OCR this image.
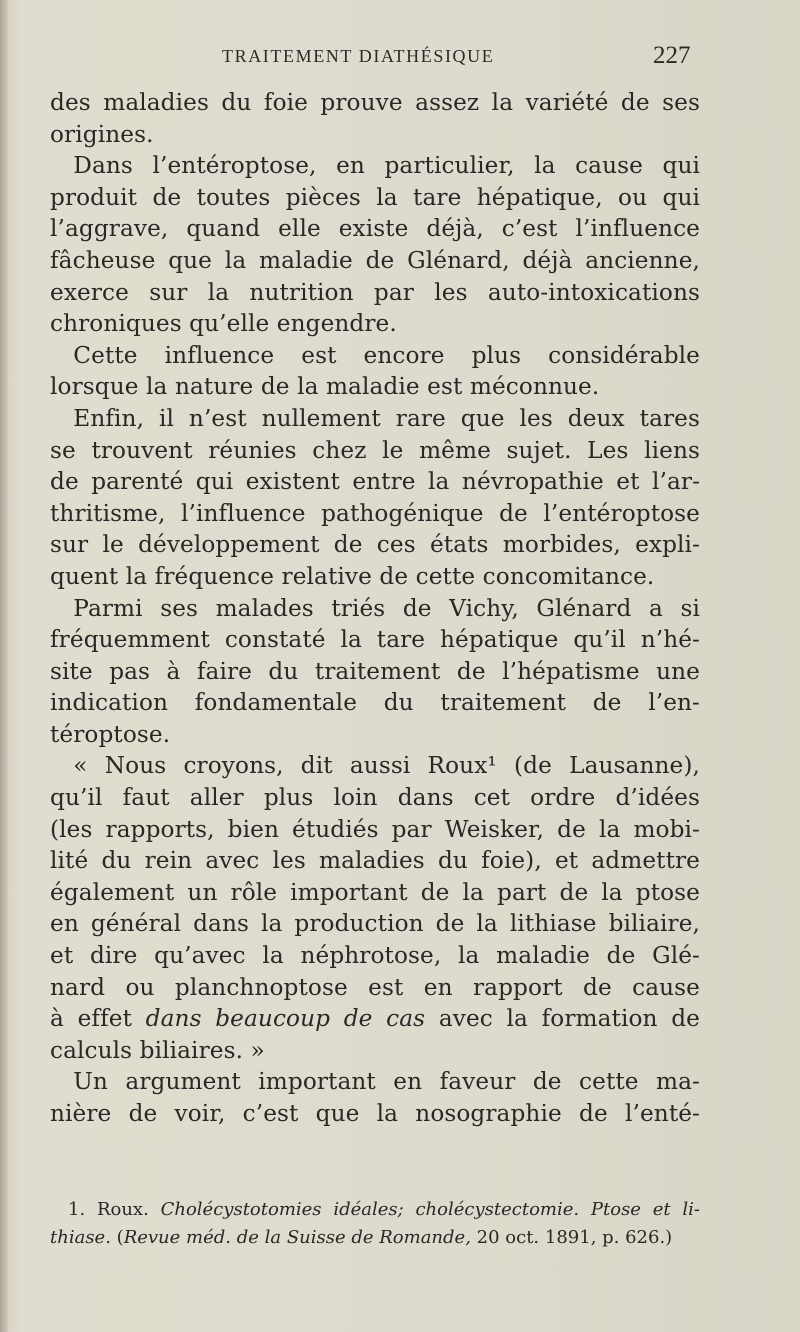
TRAITEMENT DIATHÉSIQUE	227
des maladies du foie prouve assez la variété de ses
origines.
 Dans l’entéroptose, en particulier, la cause qui
produit de toutes pièces la tare hépatique, ou qui
l’aggrave, quand elle existe déjà, c’est l’influence
fâcheuse que la maladie de Glénard, déjà ancienne,
exerce sur la nutrition par les auto-intoxications
chroniques qu’elle engendre.
 Cette influence est encore plus considérable
lorsque la nature de la maladie est méconnue.
 Enfin, il n’est nullement rare que les deux tares
se trouvent réunies chez le même sujet. Les liens
de parenté qui existent entre la névropathie et l’ar-
thritisme, l’influence pathogénique de l’entéroptose
sur le développement de ces états morbides, expli-
quent la fréquence relative de cette concomitance.
 Parmi ses malades triés de Vichy, Glénard a si
fréquemment constaté la tare hépatique qu’il n’hé-
site pas à faire du traitement de l’hépatisme une
indication fondamentale du traitement de l’en-
téroptose.
 « Nous croyons, dit aussi Roux¹ (de Lausanne),
qu’il faut aller plus loin dans cet ordre d’idées
(les rapports, bien étudiés par Weisker, de la mobi-
lité du rein avec les maladies du foie), et admettre
également un rôle important de la part de la ptose
en général dans la production de la lithiase biliaire,
et dire qu’avec la néphrotose, la maladie de Glé-
nard ou planchnoptose est en rapport de cause
à effet dans beaucoup de cas avec la formation de
calculs biliaires. »
 Un argument important en faveur de cette ma-
nière de voir, c’est que la nosographie de l’enté-
 1. Roux. Cholécystotomies idéales; cholécystectomie. Ptose et li-
thiase. (Revue méd. de la Suisse de Romande, 20 oct. 1891, p. 626.)
